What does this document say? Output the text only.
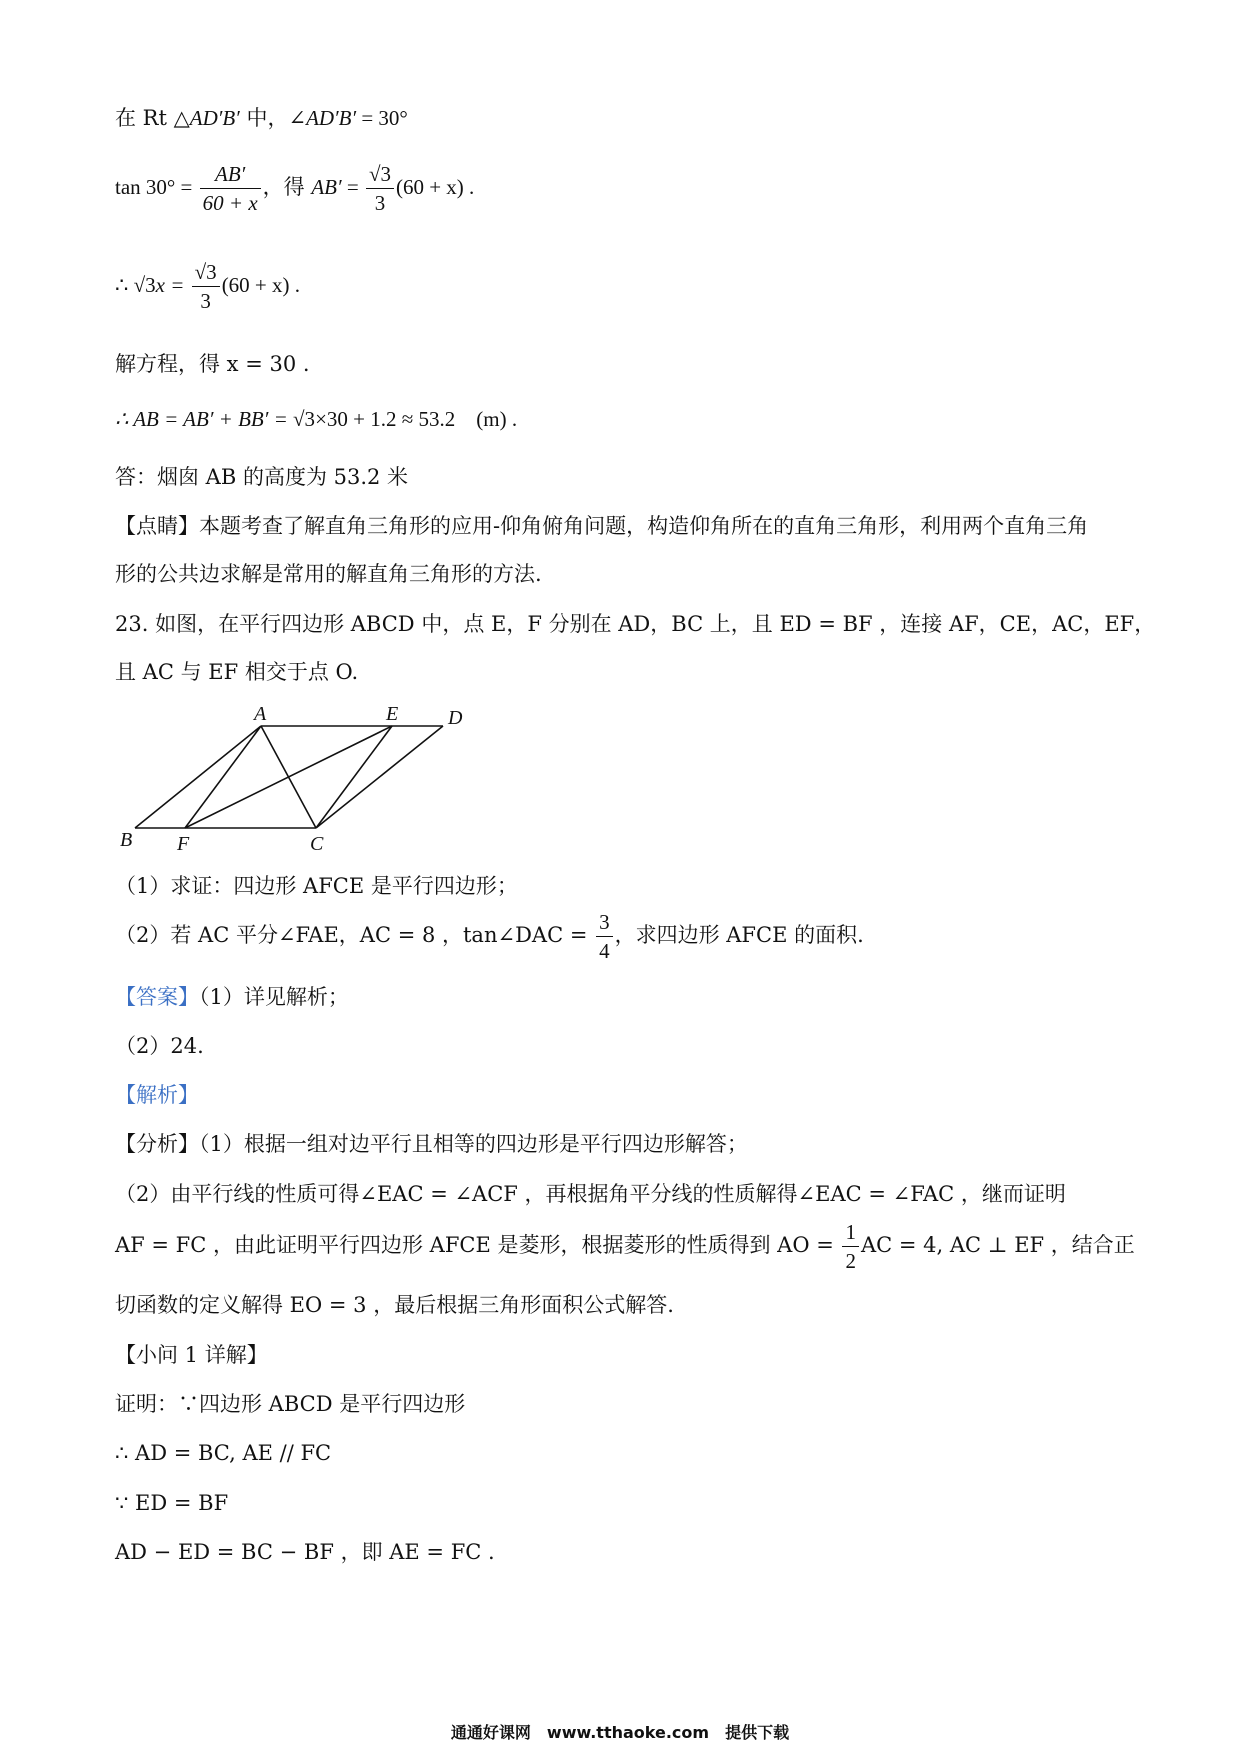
在 Rt △AD′B′ 中，∠AD′B′ = 30°
$\tan 30^\circ = \frac{AB'}{60 + x}$ ，得 $AB' = \frac{√3}{3} (60 + x)$ .
∴ $√3x = \frac{√3}{3} (60 + x)$ .
解方程，得 x = 30 .
∴ AB = AB′ + BB′ = √3×30 + 1.2 ≈ 53.2　(m) .
答：烟囱 AB 的高度为 53.2 米
【点睛】本题考查了解直角三角形的应用-仰角俯角问题，构造仰角所在的直角三角形，利用两个直角三角
形的公共边求解是常用的解直角三角形的方法.
23. 如图，在平行四边形 ABCD 中，点 E，F 分别在 AD，BC 上，且 ED = BF ，连接 AF，CE，AC，EF，
且 AC 与 EF 相交于点 O.
A	E D
B F	C
（1）求证：四边形 AFCE 是平行四边形；
（2）若 AC 平分∠FAE，AC = 8 ，tan∠DAC = $\frac{3}{4}$ ，求四边形 AFCE 的面积.
【答案】（1）详见解析；
（2）24.
【解析】
【分析】（1）根据一组对边平行且相等的四边形是平行四边形解答；
（2）由平行线的性质可得∠EAC = ∠ACF ，再根据角平分线的性质解得∠EAC = ∠FAC ，继而证明
AF = FC ，由此证明平行四边形 AFCE 是菱形，根据菱形的性质得到 AO = $\frac{1}{2}$ AC = 4, AC ⊥ EF ，结合正
切函数的定义解得 EO = 3 ，最后根据三角形面积公式解答.
【小问 1 详解】
证明：∵四边形 ABCD 是平行四边形
∴ AD = BC, AE // FC
∵ ED = BF
AD − ED = BC − BF ，即 AE = FC .
通通好课网　www.tthaoke.com　提供下载
